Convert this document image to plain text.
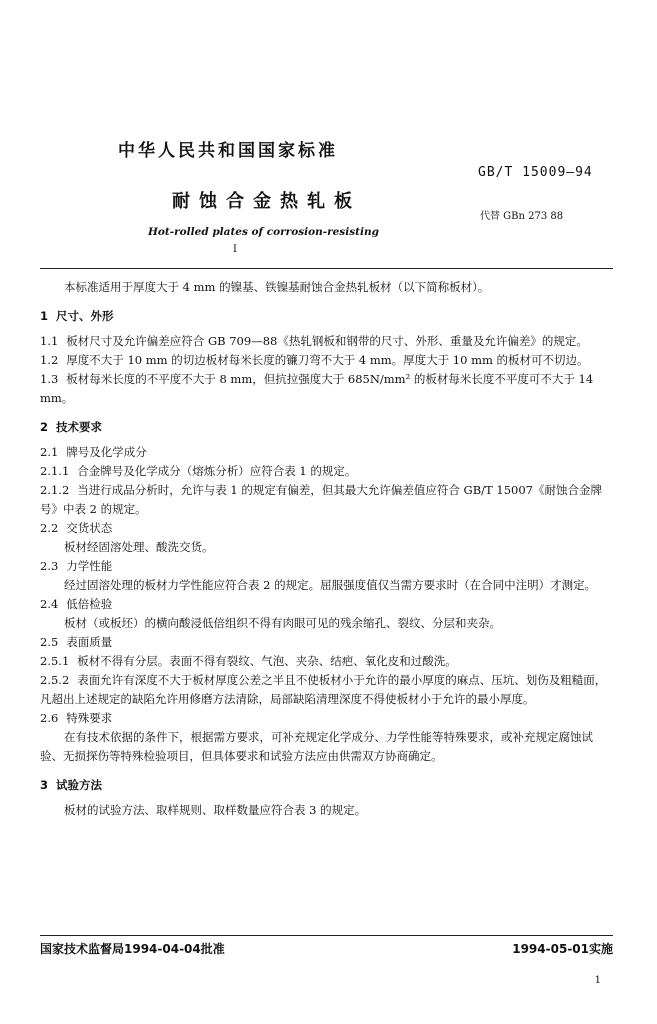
中华人民共和国国家标准
GB/T 15009—94
耐蚀合金热轧板
代替 GBn 273 88
Hot-rolled plates of corrosion-resisting
I

本标准适用于厚度大于 4 mm 的镍基、铁镍基耐蚀合金热轧板材（以下简称板材）。

1 尺寸、外形

1.1 板材尺寸及允许偏差应符合 GB 709—88《热轧钢板和钢带的尺寸、外形、重量及允许偏差》的规定。

1.2 厚度不大于 10 mm 的切边板材每米长度的镰刀弯不大于 4 mm。厚度大于 10 mm 的板材可不切边。

1.3 板材每米长度的不平度不大于 8 mm，但抗拉强度大于 685N/mm² 的板材每米长度不平度可不大于 14 mm。

2 技术要求

2.1 牌号及化学成分

2.1.1 合金牌号及化学成分（熔炼分析）应符合表 1 的规定。

2.1.2 当进行成品分析时，允许与表 1 的规定有偏差，但其最大允许偏差值应符合 GB/T 15007《耐蚀合金牌号》中表 2 的规定。

2.2 交货状态

板材经固溶处理、酸洗交货。

2.3 力学性能

经过固溶处理的板材力学性能应符合表 2 的规定。屈服强度值仅当需方要求时（在合同中注明）才测定。

2.4 低倍检验

板材（或板坯）的横向酸浸低倍组织不得有肉眼可见的残余缩孔、裂纹、分层和夹杂。

2.5 表面质量

2.5.1 板材不得有分层。表面不得有裂纹、气泡、夹杂、结疤、氧化皮和过酸洗。

2.5.2 表面允许有深度不大于板材厚度公差之半且不使板材小于允许的最小厚度的麻点、压坑、划伤及粗糙面，凡超出上述规定的缺陷允许用修磨方法清除，局部缺陷清理深度不得使板材小于允许的最小厚度。

2.6 特殊要求

在有技术依据的条件下，根据需方要求，可补充规定化学成分、力学性能等特殊要求，或补充规定腐蚀试验、无损探伤等特殊检验项目，但具体要求和试验方法应由供需双方协商确定。

3 试验方法

板材的试验方法、取样规则、取样数量应符合表 3 的规定。

国家技术监督局1994-04-04批准	1994-05-01实施
1
